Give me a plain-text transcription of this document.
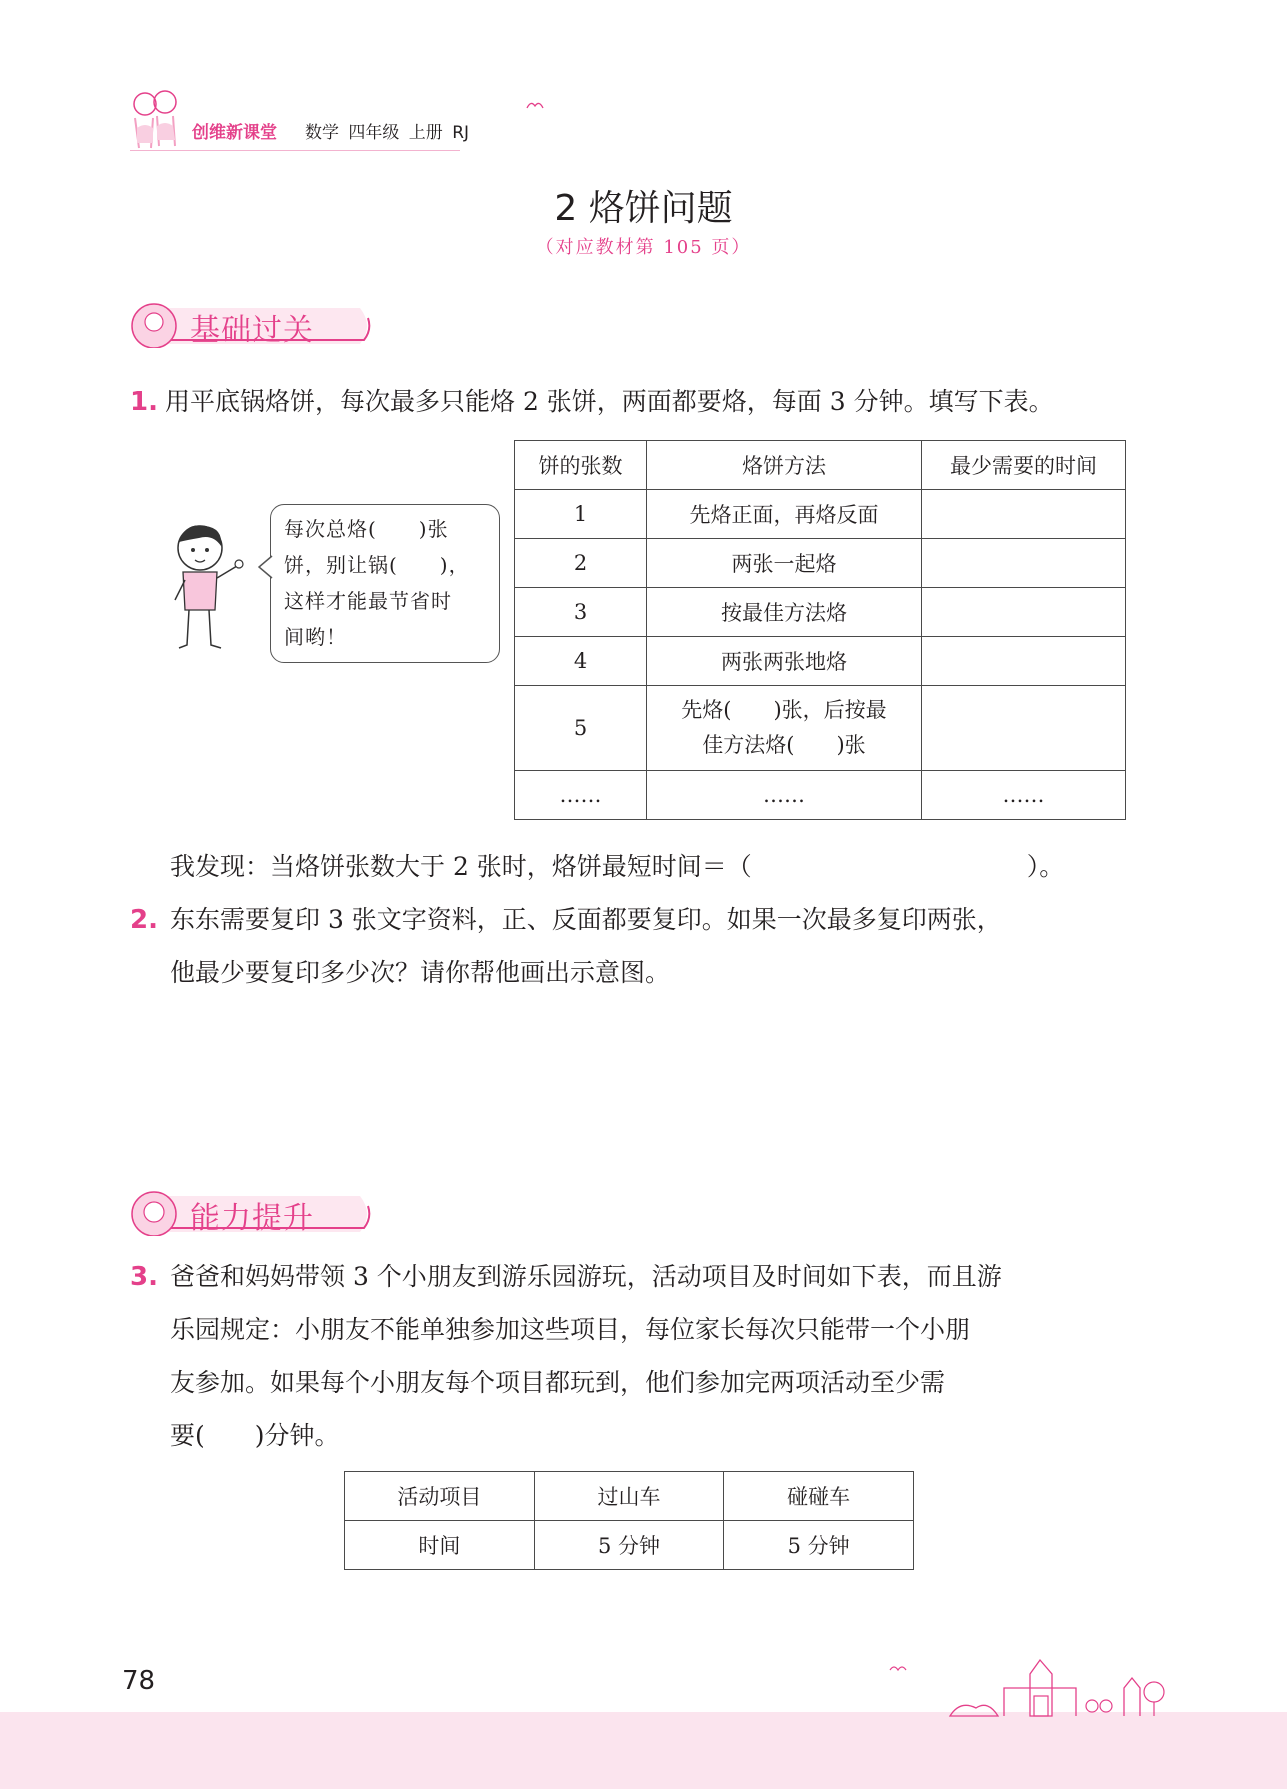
创维新课堂 数学 四年级 上册 RJ
2 烙饼问题
（对应教材第 105 页）
基础过关
1. 用平底锅烙饼，每次最多只能烙 2 张饼，两面都要烙，每面 3 分钟。填写下表。
每次总烙(　　)张
饼，别让锅(　　)，
这样才能最节省时
间哟！
饼的张数	烙饼方法	最少需要的时间
1	先烙正面，再烙反面	
2	两张一起烙	
3	按最佳方法烙	
4	两张两张地烙	
5	先烙(　　)张，后按最
佳方法烙(　　)张	

……	……	……
我发现：当烙饼张数大于 2 张时，烙饼最短时间＝（　　　　　　　　　　　）。
2. 东东需要复印 3 张文字资料，正、反面都要复印。如果一次最多复印两张，
他最少要复印多少次？请你帮他画出示意图。
能力提升
3. 爸爸和妈妈带领 3 个小朋友到游乐园游玩，活动项目及时间如下表，而且游
乐园规定：小朋友不能单独参加这些项目，每位家长每次只能带一个小朋
友参加。如果每个小朋友每个项目都玩到，他们参加完两项活动至少需
要(　　)分钟。
活动项目	过山车	碰碰车
时间	5 分钟	5 分钟
78
